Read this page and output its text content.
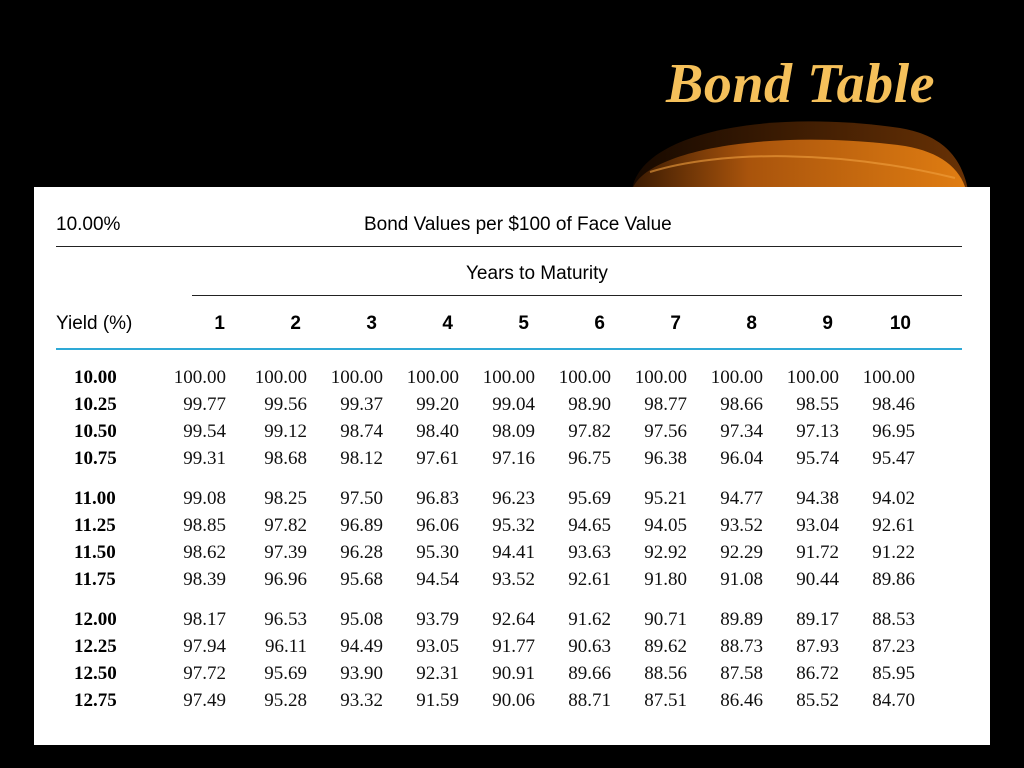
Bond Table
10.00%	Bond Values per $100 of Face Value
Years to Maturity
Yield (%)	1	2	3	4	5	6	7	8	9	10
10.00	100.00	100.00	100.00	100.00	100.00	100.00	100.00	100.00	100.00	100.00
10.25	99.77	99.56	99.37	99.20	99.04	98.90	98.77	98.66	98.55	98.46
10.50	99.54	99.12	98.74	98.40	98.09	97.82	97.56	97.34	97.13	96.95
10.75	99.31	98.68	98.12	97.61	97.16	96.75	96.38	96.04	95.74	95.47
11.00	99.08	98.25	97.50	96.83	96.23	95.69	95.21	94.77	94.38	94.02
11.25	98.85	97.82	96.89	96.06	95.32	94.65	94.05	93.52	93.04	92.61
11.50	98.62	97.39	96.28	95.30	94.41	93.63	92.92	92.29	91.72	91.22
11.75	98.39	96.96	95.68	94.54	93.52	92.61	91.80	91.08	90.44	89.86
12.00	98.17	96.53	95.08	93.79	92.64	91.62	90.71	89.89	89.17	88.53
12.25	97.94	96.11	94.49	93.05	91.77	90.63	89.62	88.73	87.93	87.23
12.50	97.72	95.69	93.90	92.31	90.91	89.66	88.56	87.58	86.72	85.95
12.75	97.49	95.28	93.32	91.59	90.06	88.71	87.51	86.46	85.52	84.70
